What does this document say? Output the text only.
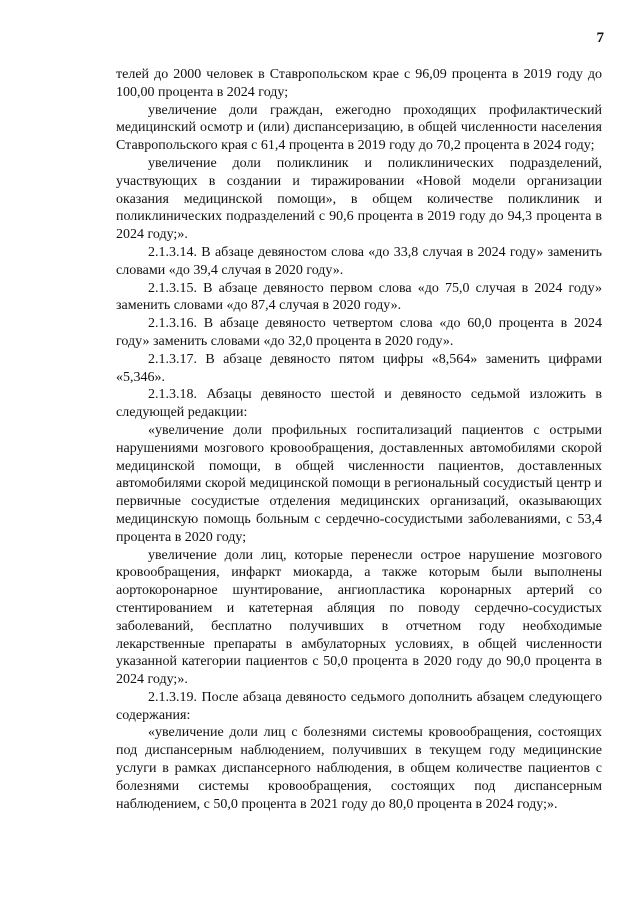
7

телей до 2000 человек в Ставропольском крае с 96,09 процента в 2019 году до 100,00 процента в 2024 году;

увеличение доли граждан, ежегодно проходящих профилактический медицинский осмотр и (или) диспансеризацию, в общей численности населения Ставропольского края с 61,4 процента в 2019 году до 70,2 процента в 2024 году;

увеличение доли поликлиник и поликлинических подразделений, участвующих в создании и тиражировании «Новой модели организации оказания медицинской помощи», в общем количестве поликлиник и поликлинических подразделений с 90,6 процента в 2019 году до 94,3 процента в 2024 году;».

2.1.3.14. В абзаце девяностом слова «до 33,8 случая в 2024 году» заменить словами «до 39,4 случая в 2020 году».

2.1.3.15. В абзаце девяносто первом слова «до 75,0 случая в 2024 году» заменить словами «до 87,4 случая в 2020 году».

2.1.3.16. В абзаце девяносто четвертом слова «до 60,0 процента в 2024 году» заменить словами «до 32,0 процента в 2020 году».

2.1.3.17. В абзаце девяносто пятом цифры «8,564» заменить цифрами «5,346».

2.1.3.18. Абзацы девяносто шестой и девяносто седьмой изложить в следующей редакции:

«увеличение доли профильных госпитализаций пациентов с острыми нарушениями мозгового кровообращения, доставленных автомобилями скорой медицинской помощи, в общей численности пациентов, доставленных автомобилями скорой медицинской помощи в региональный сосудистый центр и первичные сосудистые отделения медицинских организаций, оказывающих медицинскую помощь больным с сердечно-сосудистыми заболеваниями, с 53,4 процента в 2020 году;

увеличение доли лиц, которые перенесли острое нарушение мозгового кровообращения, инфаркт миокарда, а также которым были выполнены аортокоронарное шунтирование, ангиопластика коронарных артерий со стентированием и катетерная абляция по поводу сердечно-сосудистых заболеваний, бесплатно получивших в отчетном году необходимые лекарственные препараты в амбулаторных условиях, в общей численности указанной категории пациентов с 50,0 процента в 2020 году до 90,0 процента в 2024 году;».

2.1.3.19. После абзаца девяносто седьмого дополнить абзацем следующего содержания:

«увеличение доли лиц с болезнями системы кровообращения, состоящих под диспансерным наблюдением, получивших в текущем году медицинские услуги в рамках диспансерного наблюдения, в общем количестве пациентов с болезнями системы кровообращения, состоящих под диспансерным наблюдением, с 50,0 процента в 2021 году до 80,0 процента в 2024 году;».
